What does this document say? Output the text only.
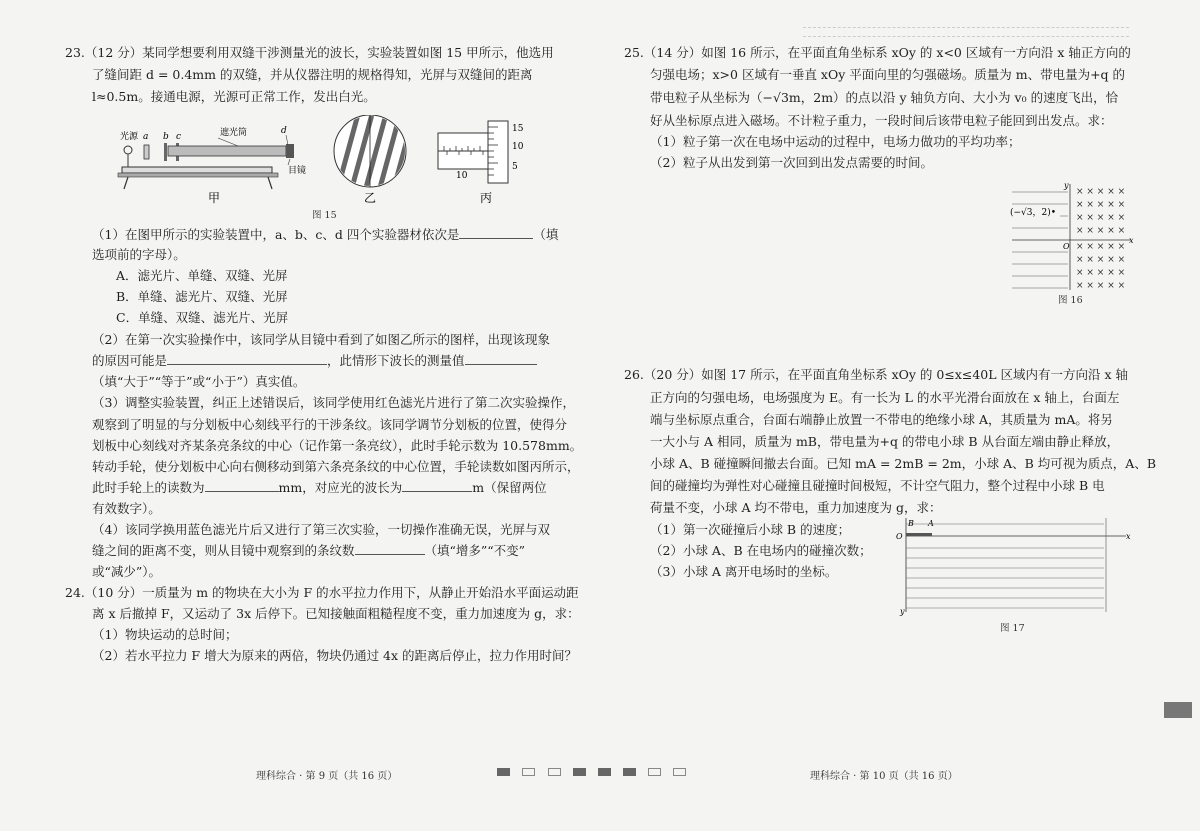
23.（12 分）某同学想要利用双缝干涉测量光的波长，实验装置如图 15 甲所示，他选用
了缝间距 d = 0.4mm 的双缝，并从仪器注明的规格得知，光屏与双缝间的距离
l≈0.5m。接通电源，光源可正常工作，发出白光。
光源 a b c
d
遮光筒
目镜
甲	乙
15
10
5
10
丙
图 15
（1）在图甲所示的实验装置中，a、b、c、d 四个实验器材依次是	（填
选项前的字母）。
A．滤光片、单缝、双缝、光屏
B．单缝、滤光片、双缝、光屏
C．单缝、双缝、滤光片、光屏
（2）在第一次实验操作中，该同学从目镜中看到了如图乙所示的图样，出现该现象
的原因可能是	，此情形下波长的测量值
（填“大于”“等于”或“小于”）真实值。
（3）调整实验装置，纠正上述错误后，该同学使用红色滤光片进行了第二次实验操作，
观察到了明显的与分划板中心刻线平行的干涉条纹。该同学调节分划板的位置，使得分
划板中心刻线对齐某条亮条纹的中心（记作第一条亮纹），此时手轮示数为 10.578mm。
转动手轮，使分划板中心向右侧移动到第六条亮条纹的中心位置，手轮读数如图丙所示，
此时手轮上的读数为	mm，对应光的波长为	m（保留两位
有效数字）。
（4）该同学换用蓝色滤光片后又进行了第三次实验，一切操作准确无误，光屏与双
缝之间的距离不变，则从目镜中观察到的条纹数	（填“增多”“不变”
或“减少”）。
24.（10 分）一质量为 m 的物块在大小为 F 的水平拉力作用下，从静止开始沿水平面运动距
离 x 后撤掉 F，又运动了 3x 后停下。已知接触面粗糙程度不变，重力加速度为 g，求：
（1）物块运动的总时间；
（2）若水平拉力 F 增大为原来的两倍，物块仍通过 4x 的距离后停止，拉力作用时间？
理科综合 · 第 9 页（共 16 页）
25.（14 分）如图 16 所示，在平面直角坐标系 xOy 的 x<0 区域有一方向沿 x 轴正方向的
匀强电场；x>0 区域有一垂直 xOy 平面向里的匀强磁场。质量为 m、带电量为+q 的
带电粒子从坐标为（−√3m，2m）的点以沿 y 轴负方向、大小为 v₀ 的速度飞出，恰
好从坐标原点进入磁场。不计粒子重力，一段时间后该带电粒子能回到出发点。求：
（1）粒子第一次在电场中运动的过程中，电场力做功的平均功率；
（2）粒子从出发到第一次回到出发点需要的时间。
× × × × ×
× × × × ×
× × × × ×
× × × × ×
× × × × ×
× × × × ×
× × × × ×
× × × × ×
(−√3，2)•
y
x
O
图 16
26.（20 分）如图 17 所示，在平面直角坐标系 xOy 的 0≤x≤40L 区域内有一方向沿 x 轴
正方向的匀强电场，电场强度为 E。有一长为 L 的水平光滑台面放在 x 轴上，台面左
端与坐标原点重合，台面右端静止放置一不带电的绝缘小球 A，其质量为 mA。将另
一大小与 A 相同，质量为 mB，带电量为+q 的带电小球 B 从台面左端由静止释放，
小球 A、B 碰撞瞬间撤去台面。已知 mA = 2mB = 2m，小球 A、B 均可视为质点，A、B
间的碰撞均为弹性对心碰撞且碰撞时间极短，不计空气阻力，整个过程中小球 B 电
荷量不变，小球 A 均不带电，重力加速度为 g，求：
（1）第一次碰撞后小球 B 的速度；
（2）小球 A、B 在电场内的碰撞次数；
（3）小球 A 离开电场时的坐标。
B A
O	x
y
图 17
理科综合 · 第 10 页（共 16 页）
